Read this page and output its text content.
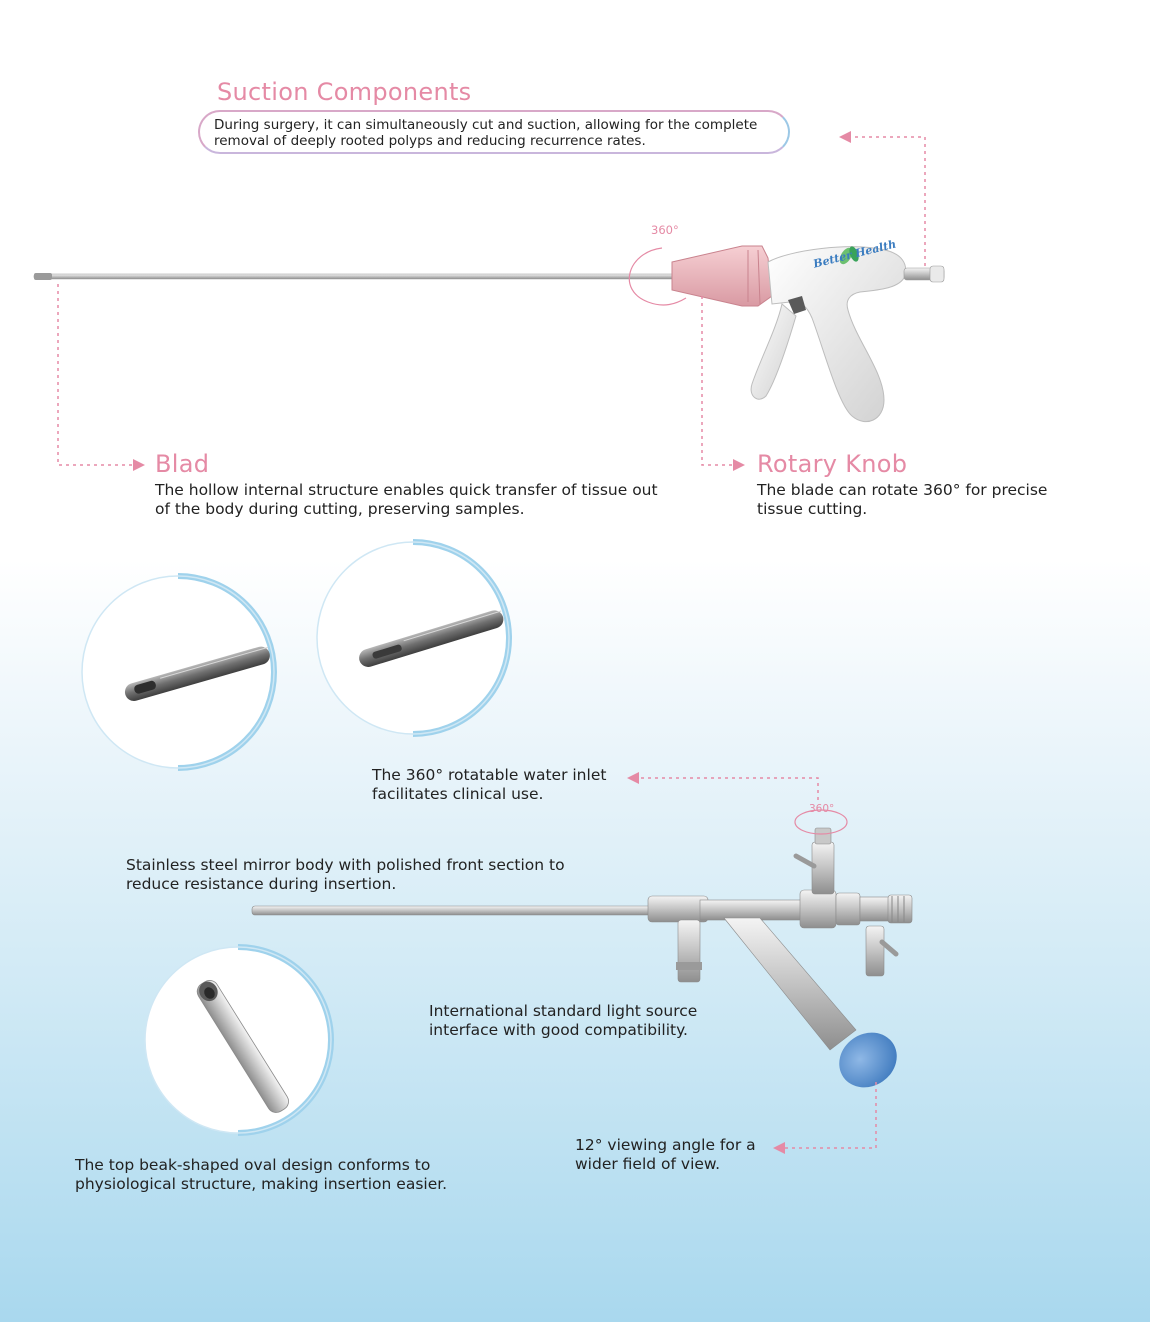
Suction Components
During surgery, it can simultaneously cut and suction, allowing for the complete
removal of deeply rooted polyps and reducing recurrence rates.
360°
Better Health
Blad
The hollow internal structure enables quick transfer of tissue out
of the body during cutting, preserving samples.
Rotary Knob
The blade can rotate 360° for precise
tissue cutting.
The 360° rotatable water inlet
facilitates clinical use.
360°
Stainless steel mirror body with polished front section to
reduce resistance during insertion.
International standard light source
interface with good compatibility.
12° viewing angle for a
wider field of view.
The top beak-shaped oval design conforms to
physiological structure, making insertion easier.
